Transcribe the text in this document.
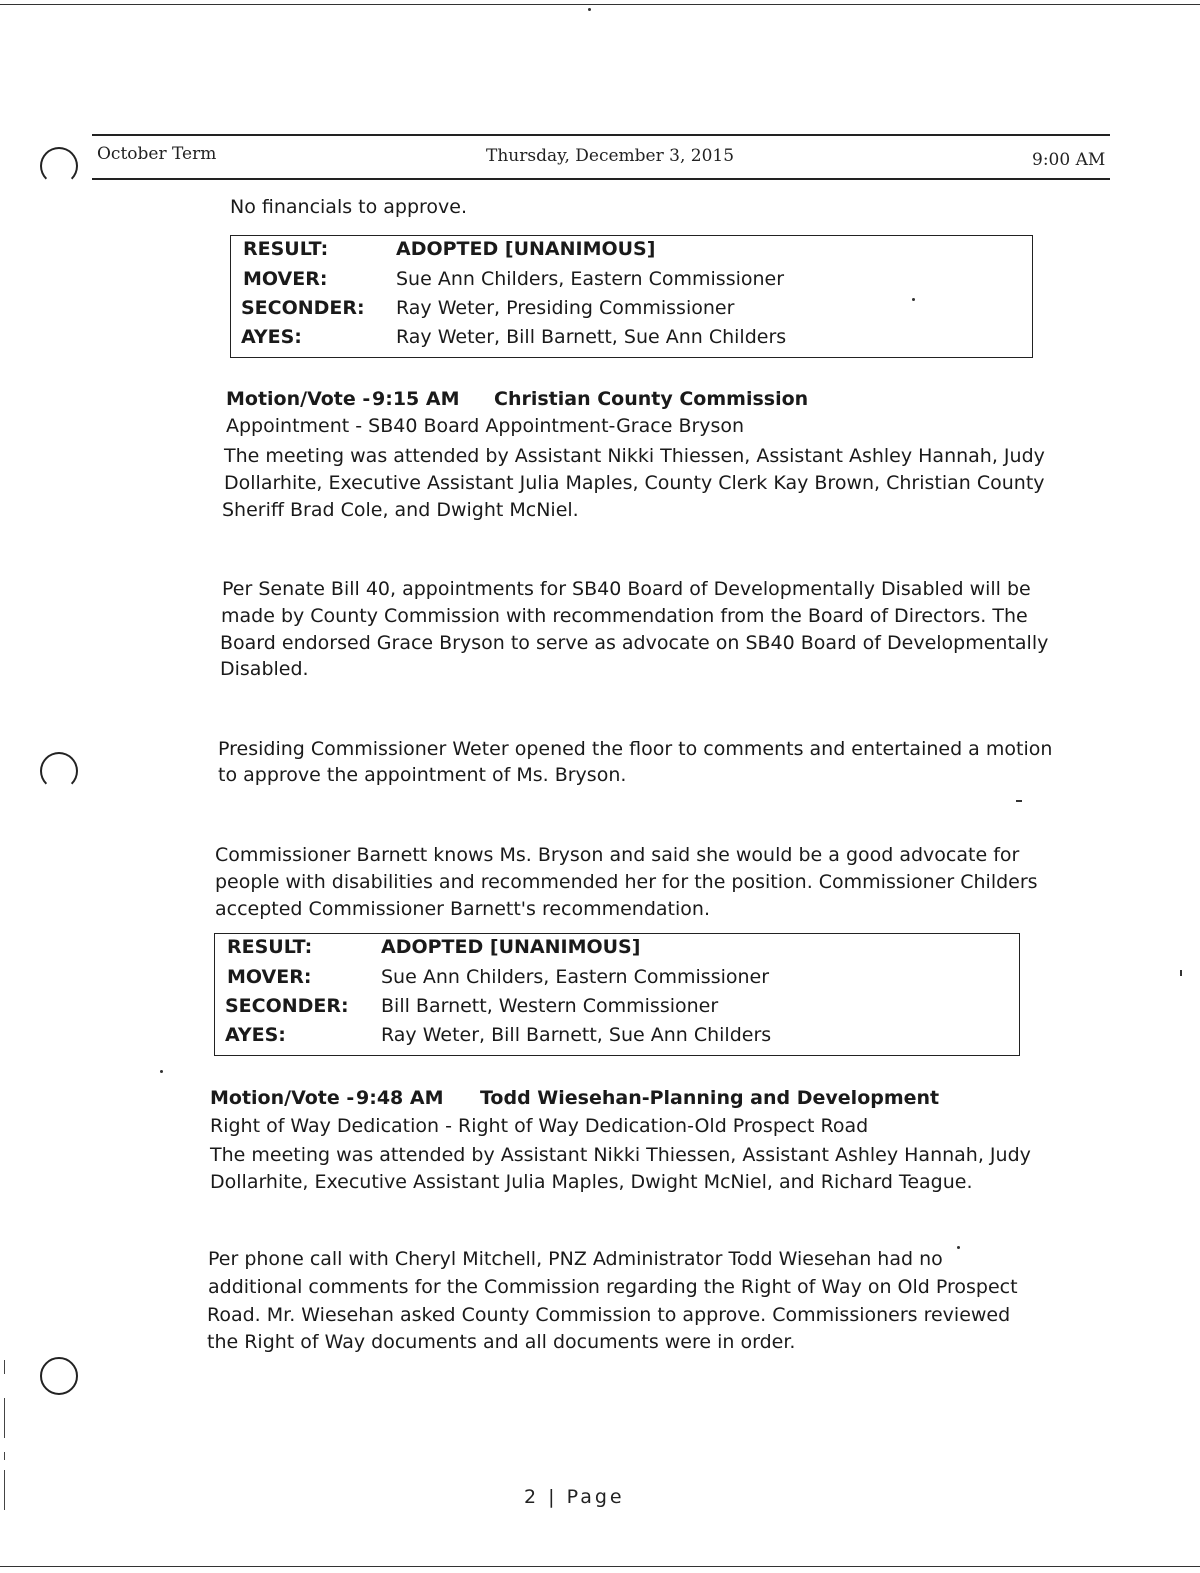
October Term	Thursday, December 3, 2015	9:00 AM

No financials to approve.

RESULT:	ADOPTED [UNANIMOUS]
MOVER:	Sue Ann Childers, Eastern Commissioner
SECONDER: Ray Weter, Presiding Commissioner
AYES:	Ray Weter, Bill Barnett, Sue Ann Childers
Motion/Vote - 9:15 AM Christian County Commission

Appointment - SB40 Board Appointment-Grace Bryson

The meeting was attended by Assistant Nikki Thiessen, Assistant Ashley Hannah, Judy

Dollarhite, Executive Assistant Julia Maples, County Clerk Kay Brown, Christian County

Sheriff Brad Cole, and Dwight McNiel.

Per Senate Bill 40, appointments for SB40 Board of Developmentally Disabled will be

made by County Commission with recommendation from the Board of Directors. The

Board endorsed Grace Bryson to serve as advocate on SB40 Board of Developmentally

Disabled.

Presiding Commissioner Weter opened the floor to comments and entertained a motion

to approve the appointment of Ms. Bryson.

Commissioner Barnett knows Ms. Bryson and said she would be a good advocate for

people with disabilities and recommended her for the position. Commissioner Childers

accepted Commissioner Barnett's recommendation.

RESULT:	ADOPTED [UNANIMOUS]
MOVER:	Sue Ann Childers, Eastern Commissioner
SECONDER: Bill Barnett, Western Commissioner
AYES:	Ray Weter, Bill Barnett, Sue Ann Childers
Motion/Vote - 9:48 AM Todd Wiesehan-Planning and Development

Right of Way Dedication - Right of Way Dedication-Old Prospect Road

The meeting was attended by Assistant Nikki Thiessen, Assistant Ashley Hannah, Judy

Dollarhite, Executive Assistant Julia Maples, Dwight McNiel, and Richard Teague.

Per phone call with Cheryl Mitchell, PNZ Administrator Todd Wiesehan had no

additional comments for the Commission regarding the Right of Way on Old Prospect

Road. Mr. Wiesehan asked County Commission to approve. Commissioners reviewed

the Right of Way documents and all documents were in order.

2 | Page
